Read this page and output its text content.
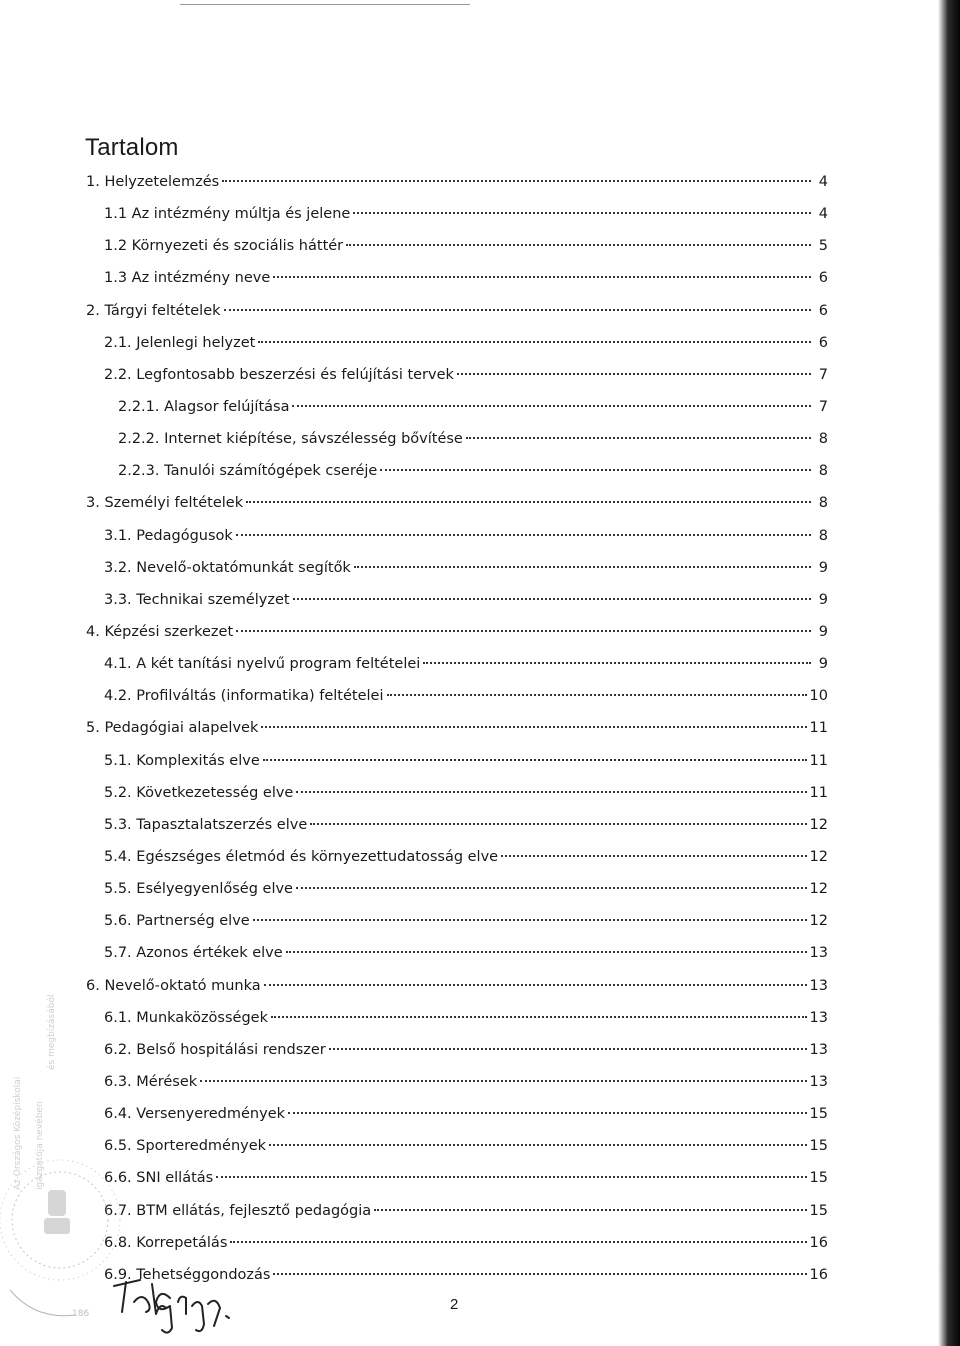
Tartalom
1. Helyzetelemzés	4
1.1 Az intézmény múltja és jelene	4
1.2 Környezeti és szociális háttér	5
1.3 Az intézmény neve	6
2. Tárgyi feltételek	6
2.1. Jelenlegi helyzet	6
2.2. Legfontosabb beszerzési és felújítási tervek	7
2.2.1. Alagsor felújítása	7
2.2.2. Internet kiépítése, sávszélesség bővítése	8
2.2.3. Tanulói számítógépek cseréje	8
3. Személyi feltételek	8
3.1. Pedagógusok	8
3.2. Nevelő-oktatómunkát segítők	9
3.3. Technikai személyzet	9
4. Képzési szerkezet	9
4.1. A két tanítási nyelvű program feltételei	9
4.2. Profilváltás (informatika) feltételei	10
5. Pedagógiai alapelvek	11
5.1. Komplexitás elve	11
5.2. Következetesség elve	11
5.3. Tapasztalatszerzés elve	12
5.4. Egészséges életmód és környezettudatosság elve	12
5.5. Esélyegyenlőség elve	12
5.6. Partnerség elve	12
5.7. Azonos értékek elve	13
6. Nevelő-oktató munka	13
6.1. Munkaközösségek	13
6.2. Belső hospitálási rendszer	13
6.3. Mérések	13
6.4. Versenyeredmények	15
6.5. Sporteredmények	15
6.6. SNI ellátás	15
6.7. BTM ellátás, fejlesztő pedagógia	15
6.8. Korrepetálás	16
6.9. Tehetséggondozás	16
Az Országos Középiskolai igazgatója nevében
és megbízásából
186
2
